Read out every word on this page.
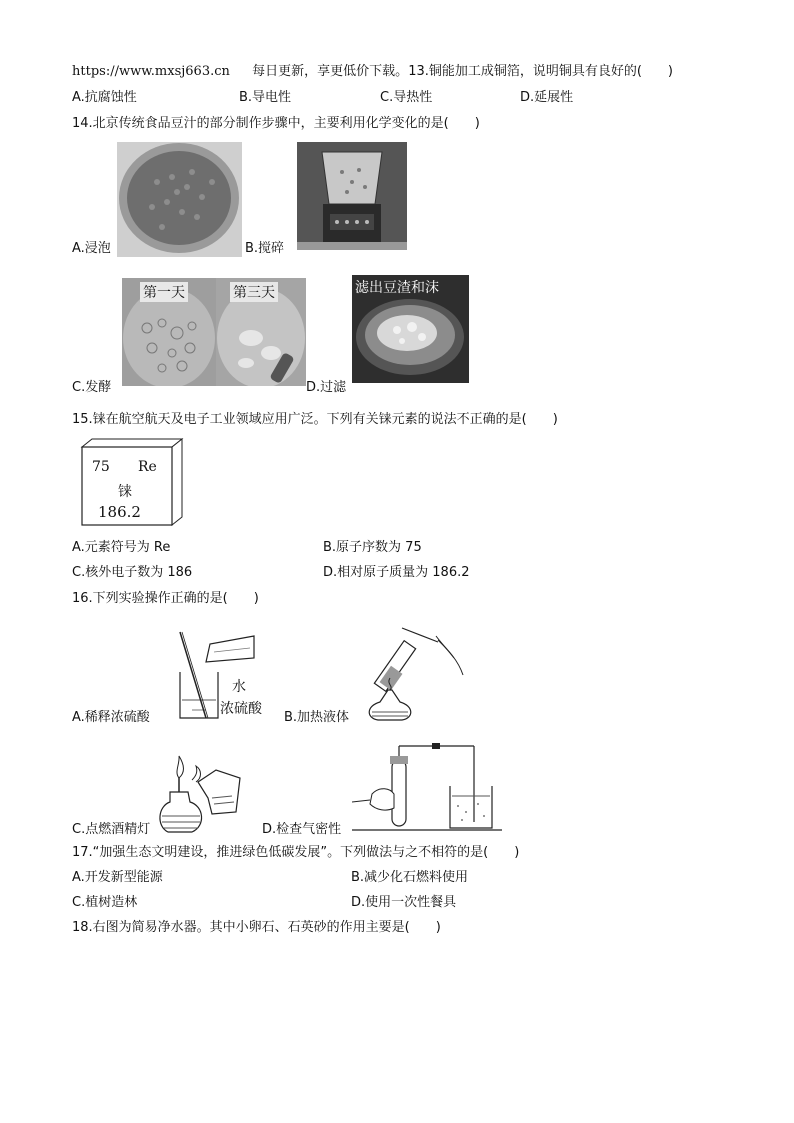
https://www.mxsj663.cn 每日更新，享更低价下载。13.铜能加工成铜箔，说明铜具有良好的(　　)
A.抗腐蚀性	B.导电性	C.导热性	D.延展性
14.北京传统食品豆汁的部分制作步骤中，主要利用化学变化的是(　　)
A.浸泡	B.搅碎
C.发酵
第一天	第三天
D.过滤
滤出豆渣和沫
15.铼在航空航天及电子工业领域应用广泛。下列有关铼元素的说法不正确的是(　　)
75 Re
铼
186.2
A.元素符号为 Re	B.原子序数为 75
C.核外电子数为 186	D.相对原子质量为 186.2
16.下列实验操作正确的是(　　)
A.稀释浓硫酸
水
浓硫酸
B.加热液体
C.点燃酒精灯	D.检查气密性
17.“加强生态文明建设，推进绿色低碳发展”。下列做法与之不相符的是(　　)
A.开发新型能源	B.减少化石燃料使用
C.植树造林	D.使用一次性餐具
18.右图为简易净水器。其中小卵石、石英砂的作用主要是(　　)
